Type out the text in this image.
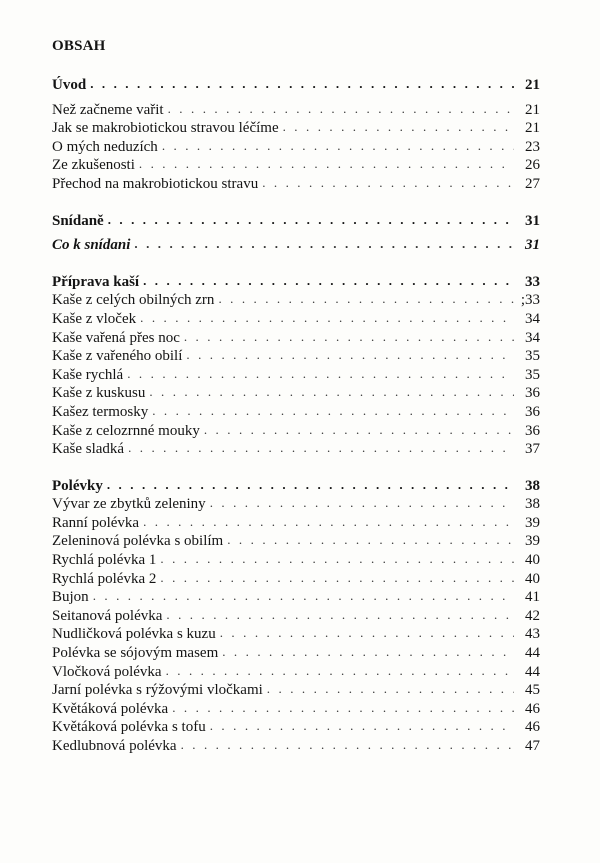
OBSAH
Úvod . . .	21
Než začneme vařit . . .	21
Jak se makrobiotickou stravou léčíme . . .	21
O mých neduzích . . .	23
Ze zkušenosti . . .	26
Přechod na makrobiotickou stravu . . .	27
Snídaně . . .	31
Co k snídani . . .	31
Příprava kaší . . .	33
Kaše z celých obilných zrn . . .	;33
Kaše z vloček . . .	34
Kaše vařená přes noc . . .	34
Kaše z vařeného obilí . . .	35
Kaše rychlá . . .	35
Kaše z kuskusu . . .	36
Kašez termosky . . .	36
Kaše z celozrnné mouky . . .	36
Kaše sladká . . .	37
Polévky . . .	38
Vývar ze zbytků zeleniny . . .	38
Ranní polévka . . .	39
Zeleninová polévka s obilím . . .	39
Rychlá polévka 1 . . .	40
Rychlá polévka 2 . . .	40
Bujon . . .	41
Seitanová polévka . . .	42
Nudličková polévka s kuzu . . .	43
Polévka se sójovým masem . . .	44
Vločková polévka . . .	44
Jarní polévka s rýžovými vločkami . . .	45
Květáková polévka . . .	46
Květáková polévka s tofu . . .	46
Kedlubnová polévka . . .	47
